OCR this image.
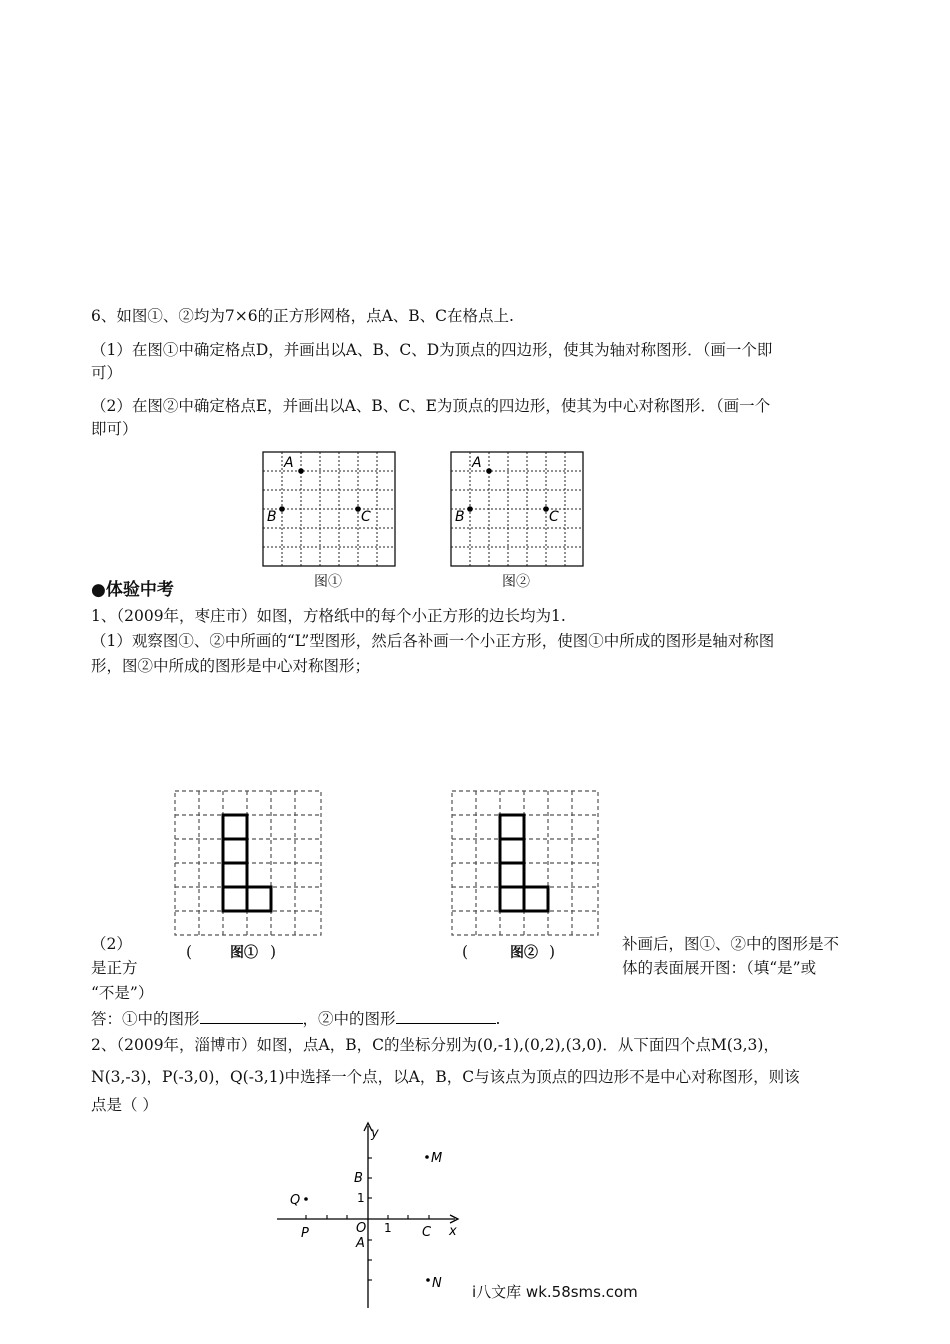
6、如图①、②均为7×6的正方形网格，点A、B、C在格点上.
（1）在图①中确定格点D，并画出以A、B、C、D为顶点的四边形，使其为轴对称图形．（画一个即
可）
（2）在图②中确定格点E，并画出以A、B、C、E为顶点的四边形，使其为中心对称图形．（画一个
即可）
A
B	C
图①
A
B	C
图②
●体验中考
1、（2009年，枣庄市）如图，方格纸中的每个小正方形的边长均为1.
（1）观察图①、②中所画的“L”型图形，然后各补画一个小正方形，使图①中所成的图形是轴对称图
形，图②中所成的图形是中心对称图形；
(	图① )	(	图② )
（2）
是正方
补画后，图①、②中的图形是不
体的表面展开图：（填“是”或
“不是”）
答：①中的图形	，②中的图形	.
2、（2009年，淄博市）如图，点A，B，C的坐标分别为(0,-1),(0,2),(3,0)．从下面四个点M(3,3)，
N(3,-3)，P(-3,0)，Q(-3,1)中选择一个点，以A，B，C与该点为顶点的四边形不是中心对称图形，则该
点是（ ）
y
x
O 1
1
B
A
C
P
Q
M
N i八文库 wk.58sms.com
